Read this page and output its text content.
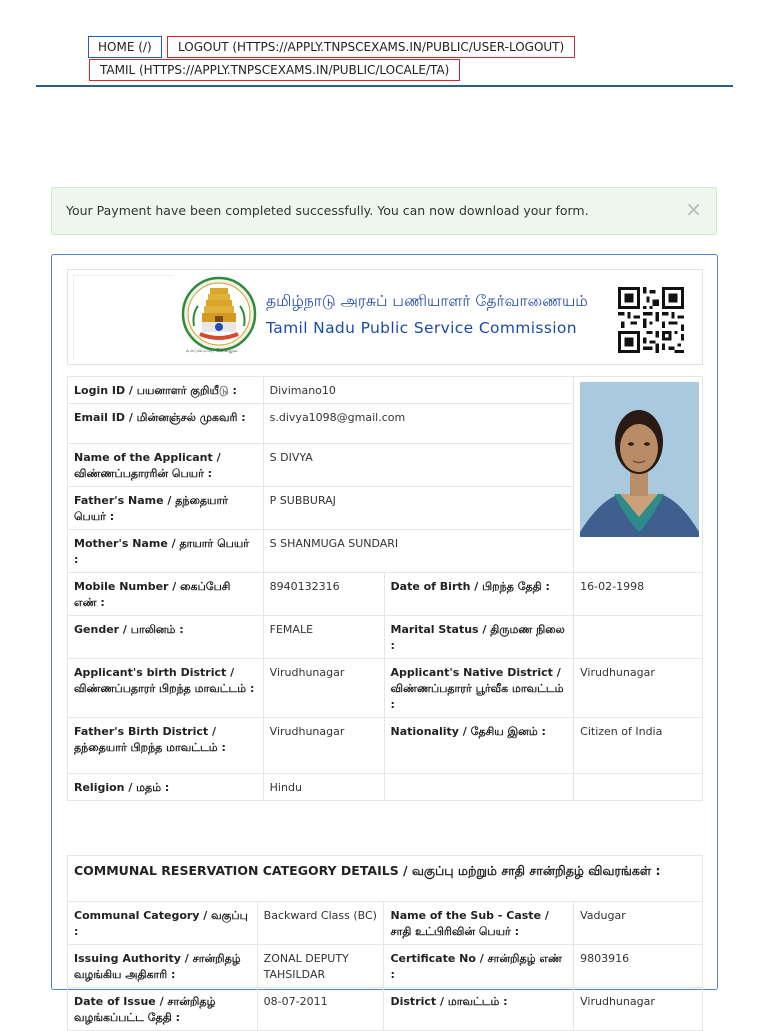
HOME (/)	LOGOUT (HTTPS://APPLY.TNPSCEXAMS.IN/PUBLIC/USER-LOGOUT)
TAMIL (HTTPS://APPLY.TNPSCEXAMS.IN/PUBLIC/LOCALE/TA)
Your Payment have been completed successfully. You can now download your form.	×
வாய்மையே வெல்லும்
தமிழ்நாடு அரசுப் பணியாளர் தேர்வாணையம்
Tamil Nadu Public Service Commission
Login ID / பயனாளர் குறியீடு :	Divimano10		
Email ID / மின்னஞ்சல் முகவரி :	s.divya1098@gmail.com		
Name of the Applicant / விண்ணப்பதாரரின் பெயர் :	S DIVYA		
Father's Name / தந்தையார் பெயர் :	P SUBBURAJ		
Mother's Name / தாயார் பெயர் :	S SHANMUGA SUNDARI		
Mobile Number / கைப்பேசி எண் :	8940132316	Date of Birth / பிறந்த தேதி :	16-02-1998
Gender / பாலினம் :	FEMALE	Marital Status / திருமண நிலை :	
Applicant's birth District / விண்ணப்பதாரர் பிறந்த மாவட்டம் :	Virudhunagar	Applicant's Native District / விண்ணப்பதாரர் பூர்வீக மாவட்டம் :	Virudhunagar
Father's Birth District / தந்தையார் பிறந்த மாவட்டம் :	Virudhunagar	Nationality / தேசிய இனம் :	Citizen of India
Religion / மதம் :	Hindu		
COMMUNAL RESERVATION CATEGORY DETAILS / வகுப்பு மற்றும் சாதி சான்றிதழ் விவரங்கள் :			
Communal Category / வகுப்பு :	Backward Class (BC)	Name of the Sub - Caste / சாதி உட்பிரிவின் பெயர் :	Vadugar
Issuing Authority / சான்றிதழ் வழங்கிய அதிகாரி :	ZONAL DEPUTY TAHSILDAR	Certificate No / சான்றிதழ் எண் :	9803916
Date of Issue / சான்றிதழ் வழங்கப்பட்ட தேதி :	08-07-2011	District / மாவட்டம் :	Virudhunagar
